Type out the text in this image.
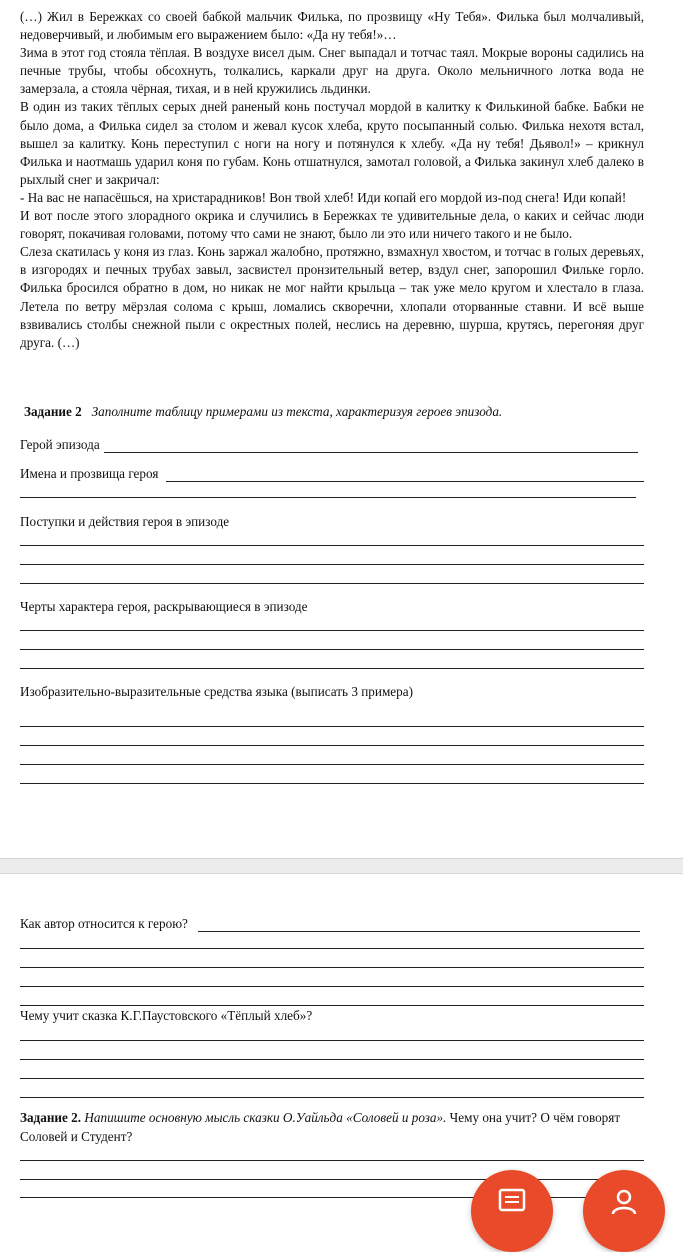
(…) Жил в Бережках со своей бабкой мальчик Филька, по прозвищу «Ну Тебя». Филька был молчаливый, недоверчивый, и любимым его выражением было: «Да ну тебя!»…

Зима в этот год стояла тёплая. В воздухе висел дым. Снег выпадал и тотчас таял. Мокрые вороны садились на печные трубы, чтобы обсохнуть, толкались, каркали друг на друга. Около мельничного лотка вода не замерзала, а стояла чёрная, тихая, и в ней кружились льдинки.

В один из таких тёплых серых дней раненый конь постучал мордой в калитку к Филькиной бабке. Бабки не было дома, а Филька сидел за столом и жевал кусок хлеба, круто посыпанный солью. Филька нехотя встал, вышел за калитку. Конь переступил с ноги на ногу и потянулся к хлебу. «Да ну тебя! Дьявол!» – крикнул Филька и наотмашь ударил коня по губам. Конь отшатнулся, замотал головой, а Филька закинул хлеб далеко в рыхлый снег и закричал:

- На вас не напасёшься, на христарадников! Вон твой хлеб! Иди копай его мордой из-под снега! Иди копай!

И вот после этого злорадного окрика и случились в Бережках те удивительные дела, о каких и сейчас люди говорят, покачивая головами, потому что сами не знают, было ли это или ничего такого и не было.

Слеза скатилась у коня из глаз. Конь заржал жалобно, протяжно, взмахнул хвостом, и тотчас в голых деревьях, в изгородях и печных трубах завыл, засвистел пронзительный ветер, вздул снег, запорошил Фильке горло. Филька бросился обратно в дом, но никак не мог найти крыльца – так уже мело кругом и хлестало в глаза. Летела по ветру мёрзлая солома с крыш, ломались скворечни, хлопали оторванные ставни. И всё выше взвивались столбы снежной пыли с окрестных полей, неслись на деревню, шурша, крутясь, перегоняя друг друга. (…)

Задание 2 Заполните таблицу примерами из текста, характеризуя героев эпизода.
Герой эпизода
Имена и прозвища героя
Поступки и действия героя в эпизоде
Черты характера героя, раскрывающиеся в эпизоде
Изобразительно-выразительные средства языка (выписать 3 примера)
Как автор относится к герою?
Чему учит сказка К.Г.Паустовского «Тёплый хлеб»?
Задание 2. Напишите основную мысль сказки О.Уайльда «Соловей и роза». Чему она учит? О чём говорят Соловей и Студент?
